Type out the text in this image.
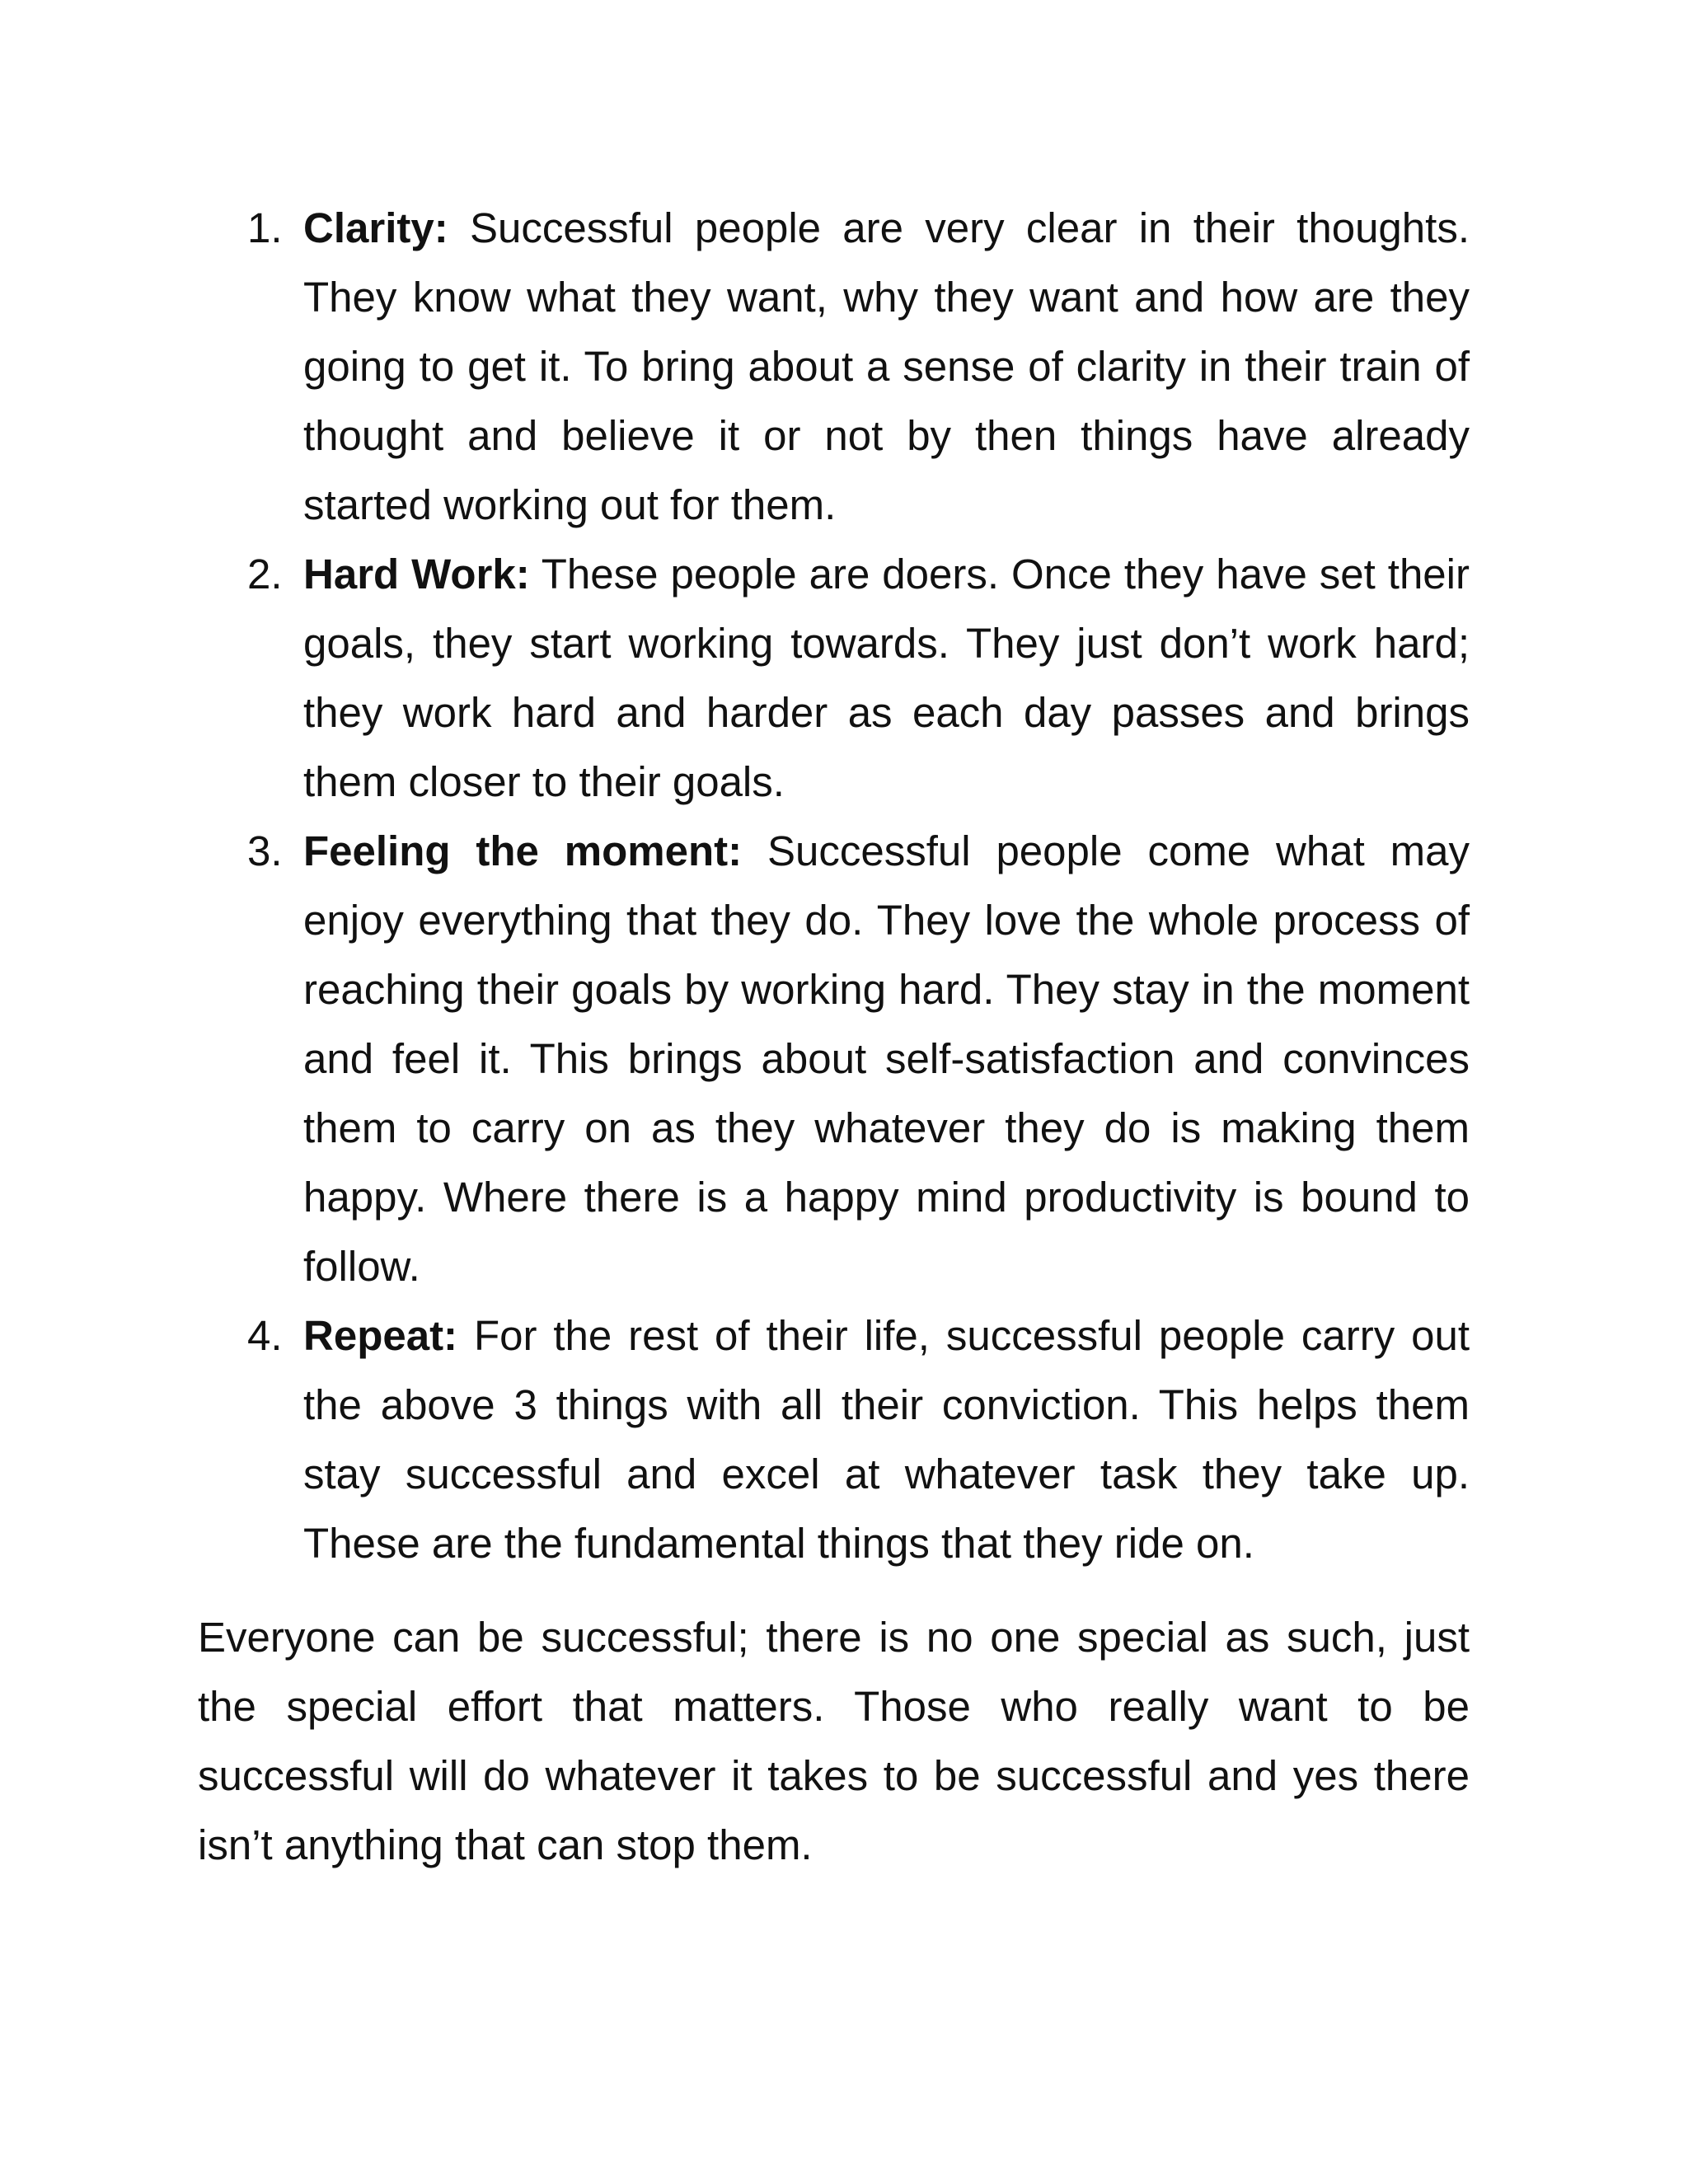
1. Clarity: Successful people are very clear in their thoughts. They know what they want, why they want and how are they going to get it. To bring about a sense of clarity in their train of thought and believe it or not by then things have already started working out for them.
2. Hard Work: These people are doers. Once they have set their goals, they start working towards. They just don’t work hard; they work hard and harder as each day passes and brings them closer to their goals.
3. Feeling the moment: Successful people come what may enjoy everything that they do. They love the whole process of reaching their goals by working hard. They stay in the moment and feel it. This brings about self-satisfaction and convinces them to carry on as they whatever they do is making them happy. Where there is a happy mind productivity is bound to follow.
4. Repeat: For the rest of their life, successful people carry out the above 3 things with all their conviction. This helps them stay successful and excel at whatever task they take up. These are the fundamental things that they ride on.

Everyone can be successful; there is no one special as such, just the special effort that matters. Those who really want to be successful will do whatever it takes to be successful and yes there isn’t anything that can stop them.
